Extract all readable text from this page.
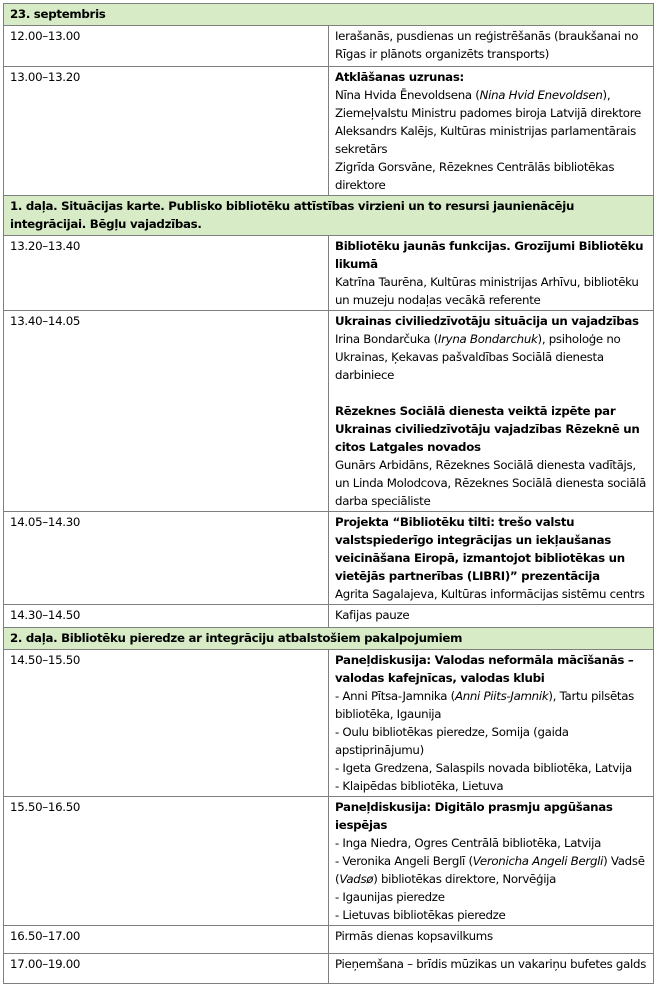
23. septembris	
12.00–13.00	Ierašanās, pusdienas un reģistrēšanās (braukšanai no Rīgas ir plānots organizēts transports)

13.00–13.20	Atklāšanas uzrunas:
Nīna Hvida Ēnevoldsena (Nina Hvid Enevoldsen), Ziemeļvalstu Ministru padomes biroja Latvijā direktore
Aleksandrs Kalējs, Kultūras ministrijas parlamentārais sekretārs
Zigrīda Gorsvāne, Rēzeknes Centrālās bibliotēkas direktore

1. daļa. Situācijas karte. Publisko bibliotēku attīstības virzieni un to resursi jaunienācēju integrācijai. Bēgļu vajadzības.	
13.20–13.40	Bibliotēku jaunās funkcijas. Grozījumi Bibliotēku likumā
Katrīna Taurēna, Kultūras ministrijas Arhīvu, bibliotēku un muzeju nodaļas vecākā referente

13.40–14.05	Ukrainas civiliedzīvotāju situācija un vajadzības
Irina Bondarčuka (Iryna Bondarchuk), psiholoģe no Ukrainas, Ķekavas pašvaldības Sociālā dienesta darbiniece
Rēzeknes Sociālā dienesta veiktā izpēte par Ukrainas civiliedzīvotāju vajadzības Rēzeknē un citos Latgales novados
Gunārs Arbidāns, Rēzeknes Sociālā dienesta vadītājs, un Linda Molodcova, Rēzeknes Sociālā dienesta sociālā darba speciāliste

14.05–14.30	Projekta “Bibliotēku tilti: trešo valstu valstspiederīgo integrācijas un iekļaušanas veicināšana Eiropā, izmantojot bibliotēkas un vietējās partnerības (LIBRI)” prezentācija
Agrita Sagalajeva, Kultūras informācijas sistēmu centrs

14.30–14.50	Kafijas pauze

2. daļa. Bibliotēku pieredze ar integrāciju atbalstošiem pakalpojumiem	
14.50–15.50	Paneļdiskusija: Valodas neformāla mācīšanās – valodas kafejnīcas, valodas klubi
- Anni Pītsa-Jamnika (Anni Piits-Jamnik), Tartu pilsētas bibliotēka, Igaunija
- Oulu bibliotēkas pieredze, Somija (gaida apstiprinājumu)
- Igeta Gredzena, Salaspils novada bibliotēka, Latvija
- Klaipēdas bibliotēka, Lietuva

15.50–16.50	Paneļdiskusija: Digitālo prasmju apgūšanas iespējas
- Inga Niedra, Ogres Centrālā bibliotēka, Latvija
- Veronika Angeli Berglī (Veronicha Angeli Bergli) Vadsē (Vadsø) bibliotēkas direktore, Norvēģija
- Igaunijas pieredze
- Lietuvas bibliotēkas pieredze

16.50–17.00	Pirmās dienas kopsavilkums

17.00–19.00	Pieņemšana – brīdis mūzikas un vakariņu bufetes galds
